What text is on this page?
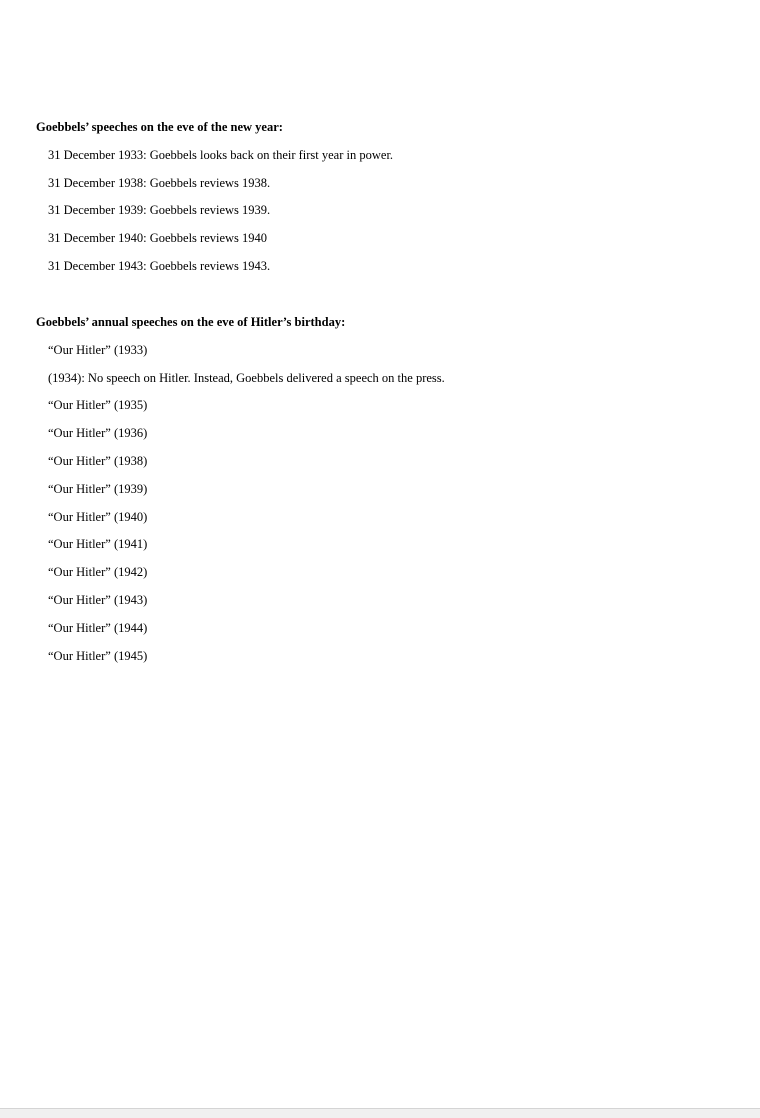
Goebbels’ speeches on the eve of the new year:

31 December 1933: Goebbels looks back on their first year in power.
31 December 1938: Goebbels reviews 1938.
31 December 1939: Goebbels reviews 1939.
31 December 1940: Goebbels reviews 1940
31 December 1943: Goebbels reviews 1943.

Goebbels’ annual speeches on the eve of Hitler’s birthday:

“Our Hitler” (1933)
(1934): No speech on Hitler. Instead, Goebbels delivered a speech on the press.
“Our Hitler” (1935)
“Our Hitler” (1936)
“Our Hitler” (1938)
“Our Hitler” (1939)
“Our Hitler” (1940)
“Our Hitler” (1941)
“Our Hitler” (1942)
“Our Hitler” (1943)
“Our Hitler” (1944)
“Our Hitler” (1945)
